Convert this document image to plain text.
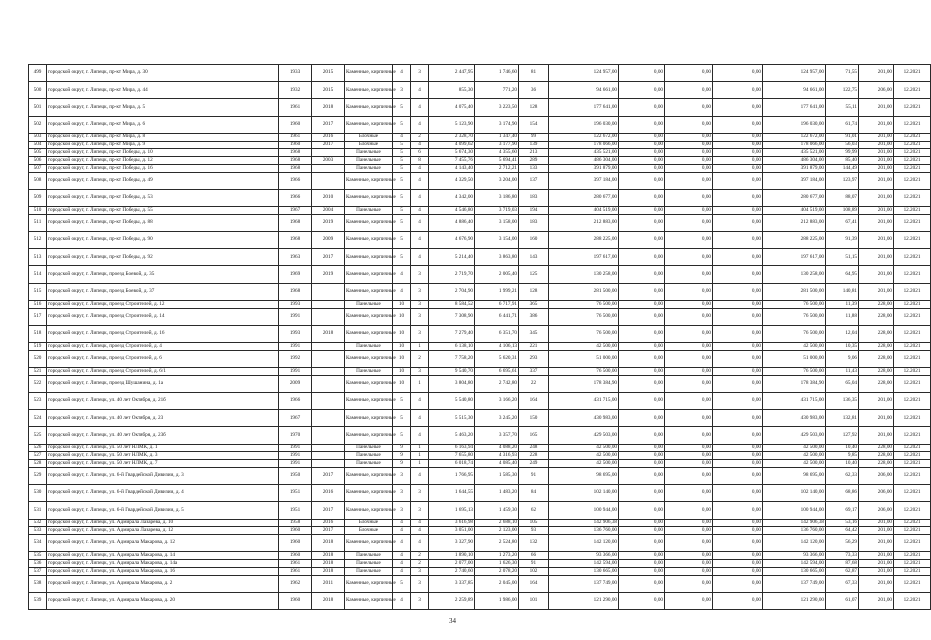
499	городской округ, г. Липецк, пр-кт Мира, д. 30	1933	2015	Каменные, кирпичные	4	3	2 447,95	1 746,60	81	124 957,00	0,00	0,00	0,00	124 957,00	71,55	201,00	12.2021
500	городской округ, г. Липецк, пр-кт Мира, д. 44	1932	2015	Каменные, кирпичные	3	4	855,30	771,20	36	94 661,00	0,00	0,00	0,00	94 661,00	122,75	206,00	12.2021
501	городской округ, г. Липецк, пр-кт Мира, д. 5	1961	2018	Каменные, кирпичные	5	4	4 075,40	3 223,50	128	177 641,00	0,00	0,00	0,00	177 641,00	55,11	201,00	12.2021
502	городской округ, г. Липецк, пр-кт Мира, д. 6	1960	2017	Каменные, кирпичные	5	4	5 123,90	3 174,90	154	196 030,00	0,00	0,00	0,00	196 030,00	61,74	201,00	12.2021
503	городской округ, г. Липецк, пр-кт Мира, д. 8	1961	2016	Блочные	4	2	2 328,70	1 347,40	99	122 672,00	0,00	0,00	0,00	122 672,00	91,01	201,00	12.2021
504	городской округ, г. Липецк, пр-кт Мира, д. 9	1960	2017	Блочные	5	4	4 099,62	3 177,90	139	178 066,00	0,00	0,00	0,00	178 066,00	56,03	201,00	12.2021
505	городской округ, г. Липецк, пр-кт Победы, д. 10	1968		Панельные	5	6	5 674,30	4 355,60	213	435 521,00	0,00	0,00	0,00	435 521,00	99,99	201,00	12.2021
506	городской округ, г. Липецк, пр-кт Победы, д. 12	1968	2003	Панельные	5	8	7 455,76	5 694,41	289	486 304,00	0,00	0,00	0,00	486 304,00	85,40	201,00	12.2021
507	городской округ, г. Липецк, пр-кт Победы, д. 16	1968		Панельные	5	4	4 143,40	2 712,21	133	391 879,00	0,00	0,00	0,00	391 879,00	144,49	201,00	12.2021
508	городской округ, г. Липецк, пр-кт Победы, д. 49	1966		Каменные, кирпичные	5	4	4 329,50	3 204,00	137	397 184,00	0,00	0,00	0,00	397 184,00	123,97	201,00	12.2021
509	городской округ, г. Липецк, пр-кт Победы, д. 53	1966	2010	Каменные, кирпичные	5	4	4 342,00	3 186,80	183	280 677,00	0,00	0,00	0,00	280 677,00	88,07	201,00	12.2021
510	городской округ, г. Липецк, пр-кт Победы, д. 55	1967	2004	Панельные	5	4	4 546,80	3 719,03	194	404 519,00	0,00	0,00	0,00	404 519,00	108,89	201,00	12.2021
511	городской округ, г. Липецк, пр-кт Победы, д. 88	1968	2019	Каменные, кирпичные	5	4	4 886,40	3 158,00	183	212 883,00	0,00	0,00	0,00	212 883,00	67,41	201,00	12.2021
512	городской округ, г. Липецк, пр-кт Победы, д. 90	1968	2009	Каменные, кирпичные	5	4	4 676,90	3 154,00	160	288 225,00	0,00	0,00	0,00	288 225,00	91,39	201,00	12.2021
513	городской округ, г. Липецк, пр-кт Победы, д. 92	1963	2017	Каменные, кирпичные	5	4	5 214,40	3 863,80	143	197 617,00	0,00	0,00	0,00	197 617,00	51,15	201,00	12.2021
514	городской округ, г. Липецк, проезд Боевой, д. 35	1969	2019	Каменные, кирпичные	4	3	2 719,70	2 005,40	125	130 258,00	0,00	0,00	0,00	130 258,00	64,95	201,00	12.2021
515	городской округ, г. Липецк, проезд Боевой, д. 37	1968		Каменные, кирпичные	4	3	2 704,90	1 999,21	128	281 500,00	0,00	0,00	0,00	281 500,00	140,81	201,00	12.2021
516	городской округ, г. Липецк, проезд Строителей, д. 12	1993		Панельные	10	3	8 584,52	6 717,91	365	76 500,00	0,00	0,00	0,00	76 500,00	11,39	228,00	12.2021
517	городской округ, г. Липецк, проезд Строителей, д. 14	1991		Каменные, кирпичные	10	3	7 308,90	6 441,71	386	76 500,00	0,00	0,00	0,00	76 500,00	11,88	228,00	12.2021
518	городской округ, г. Липецк, проезд Строителей, д. 16	1993	2018	Каменные, кирпичные	10	3	7 279,40	6 351,70	345	76 500,00	0,00	0,00	0,00	76 500,00	12,04	228,00	12.2021
519	городской округ, г. Липецк, проезд Строителей, д. 4	1991		Панельные	10	1	6 138,10	4 106,13	221	42 500,00	0,00	0,00	0,00	42 500,00	10,35	228,00	12.2021
520	городской округ, г. Липецк, проезд Строителей, д. 6	1992		Каменные, кирпичные	10	2	7 758,20	5 620,31	293	51 000,00	0,00	0,00	0,00	51 000,00	9,06	228,00	12.2021
521	городской округ, г. Липецк, проезд Строителей, д. 6/1	1991		Панельные	10	3	9 540,70	6 695,61	337	76 500,00	0,00	0,00	0,00	76 500,00	11,43	228,00	12.2021
522	городской округ, г. Липецк, проезд Шушанина, д. 1а	2009		Каменные, кирпичные	10	1	3 804,80	2 742,80	22	178 384,90	0,00	0,00	0,00	178 384,90	65,04	228,00	12.2021
523	городской округ, г. Липецк, ул. 40 лет Октября, д. 21б	1966		Каменные, кирпичные	5	4	5 540,80	3 166,20	164	431 715,00	0,00	0,00	0,00	431 715,00	136,35	201,00	12.2021
524	городской округ, г. Липецк, ул. 40 лет Октября, д. 23	1967		Каменные, кирпичные	5	4	5 515,30	3 245,20	150	430 983,00	0,00	0,00	0,00	430 983,00	132,81	201,00	12.2021
525	городской округ, г. Липецк, ул. 40 лет Октября, д. 23б	1970		Каменные, кирпичные	5	4	5 463,20	3 357,70	165	429 503,00	0,00	0,00	0,00	429 503,00	127,92	201,00	12.2021
526	городской округ, г. Липецк, ул. 50 лет НЛМК, д. 1	1991		Панельные	9	1	6 163,94	4 088,20	248	42 500,00	0,00	0,00	0,00	42 500,00	10,40	228,00	12.2021
527	городской округ, г. Липецк, ул. 50 лет НЛМК, д. 3	1991		Панельные	9	1	7 655,80	4 316,93	228	42 500,00	0,00	0,00	0,00	42 500,00	9,85	228,00	12.2021
528	городской округ, г. Липецк, ул. 50 лет НЛМК, д. 7	1991		Панельные	9	1	6 018,74	4 085,40	249	42 500,00	0,00	0,00	0,00	42 500,00	10,40	228,00	12.2021
529	городской округ, г. Липецк, ул. 6-й Гвардейской Дивизии, д. 3	1950	2017	Каменные, кирпичные	3	4	1 766,95	1 585,30	91	98 695,00	0,00	0,00	0,00	98 695,00	62,33	206,00	12.2021
530	городской округ, г. Липецк, ул. 6-й Гвардейской Дивизии, д. 4	1951	2016	Каменные, кирпичные	3	3	1 644,55	1 483,20	84	102 140,00	0,00	0,00	0,00	102 140,00	68,86	206,00	12.2021
531	городской округ, г. Липецк, ул. 6-й Гвардейской Дивизии, д. 5	1951	2017	Каменные, кирпичные	3	3	1 695,13	1 459,30	62	100 944,00	0,00	0,00	0,00	100 944,00	69,17	206,00	12.2021
532	городской округ, г. Липецк, ул. Адмирала Лазарева, д. 10	1958	2016	Блочные	4	4	3 616,98	2 688,10	105	142 906,38	0,00	0,00	0,00	142 906,38	53,16	201,00	12.2021
533	городской округ, г. Липецк, ул. Адмирала Лазарева, д. 12	1960	2017	Блочные	4	4	3 051,00	2 123,00	93	136 760,00	0,00	0,00	0,00	136 760,00	64,42	201,00	12.2021
534	городской округ, г. Липецк, ул. Адмирала Макарова, д. 12	1960	2018	Каменные, кирпичные	4	4	3 327,90	2 524,80	132	142 120,00	0,00	0,00	0,00	142 120,00	56,29	201,00	12.2021
535	городской округ, г. Липецк, ул. Адмирала Макарова, д. 14	1960	2018	Панельные	4	2	1 890,10	1 273,20	66	93 366,00	0,00	0,00	0,00	93 366,00	73,33	201,00	12.2021
536	городской округ, г. Липецк, ул. Адмирала Макарова, д. 14а	1961	2018	Панельные	4	2	2 077,00	1 626,30	91	142 594,00	0,00	0,00	0,00	142 594,00	87,68	201,00	12.2021
537	городской округ, г. Липецк, ул. Адмирала Макарова, д. 16	1961	2018	Панельные	4	3	2 740,60	2 078,20	102	130 665,00	0,00	0,00	0,00	130 665,00	62,87	201,00	12.2021
538	городской округ, г. Липецк, ул. Адмирала Макарова, д. 2	1962	2011	Каменные, кирпичные	5	3	3 337,85	2 045,00	164	137 749,00	0,00	0,00	0,00	137 749,00	67,33	201,00	12.2021
539	городской округ, г. Липецк, ул. Адмирала Макарова, д. 20	1960	2018	Каменные, кирпичные	4	3	2 259,89	1 986,00	101	121 290,00	0,00	0,00	0,00	121 290,00	61,07	201,00	12.2021
34
